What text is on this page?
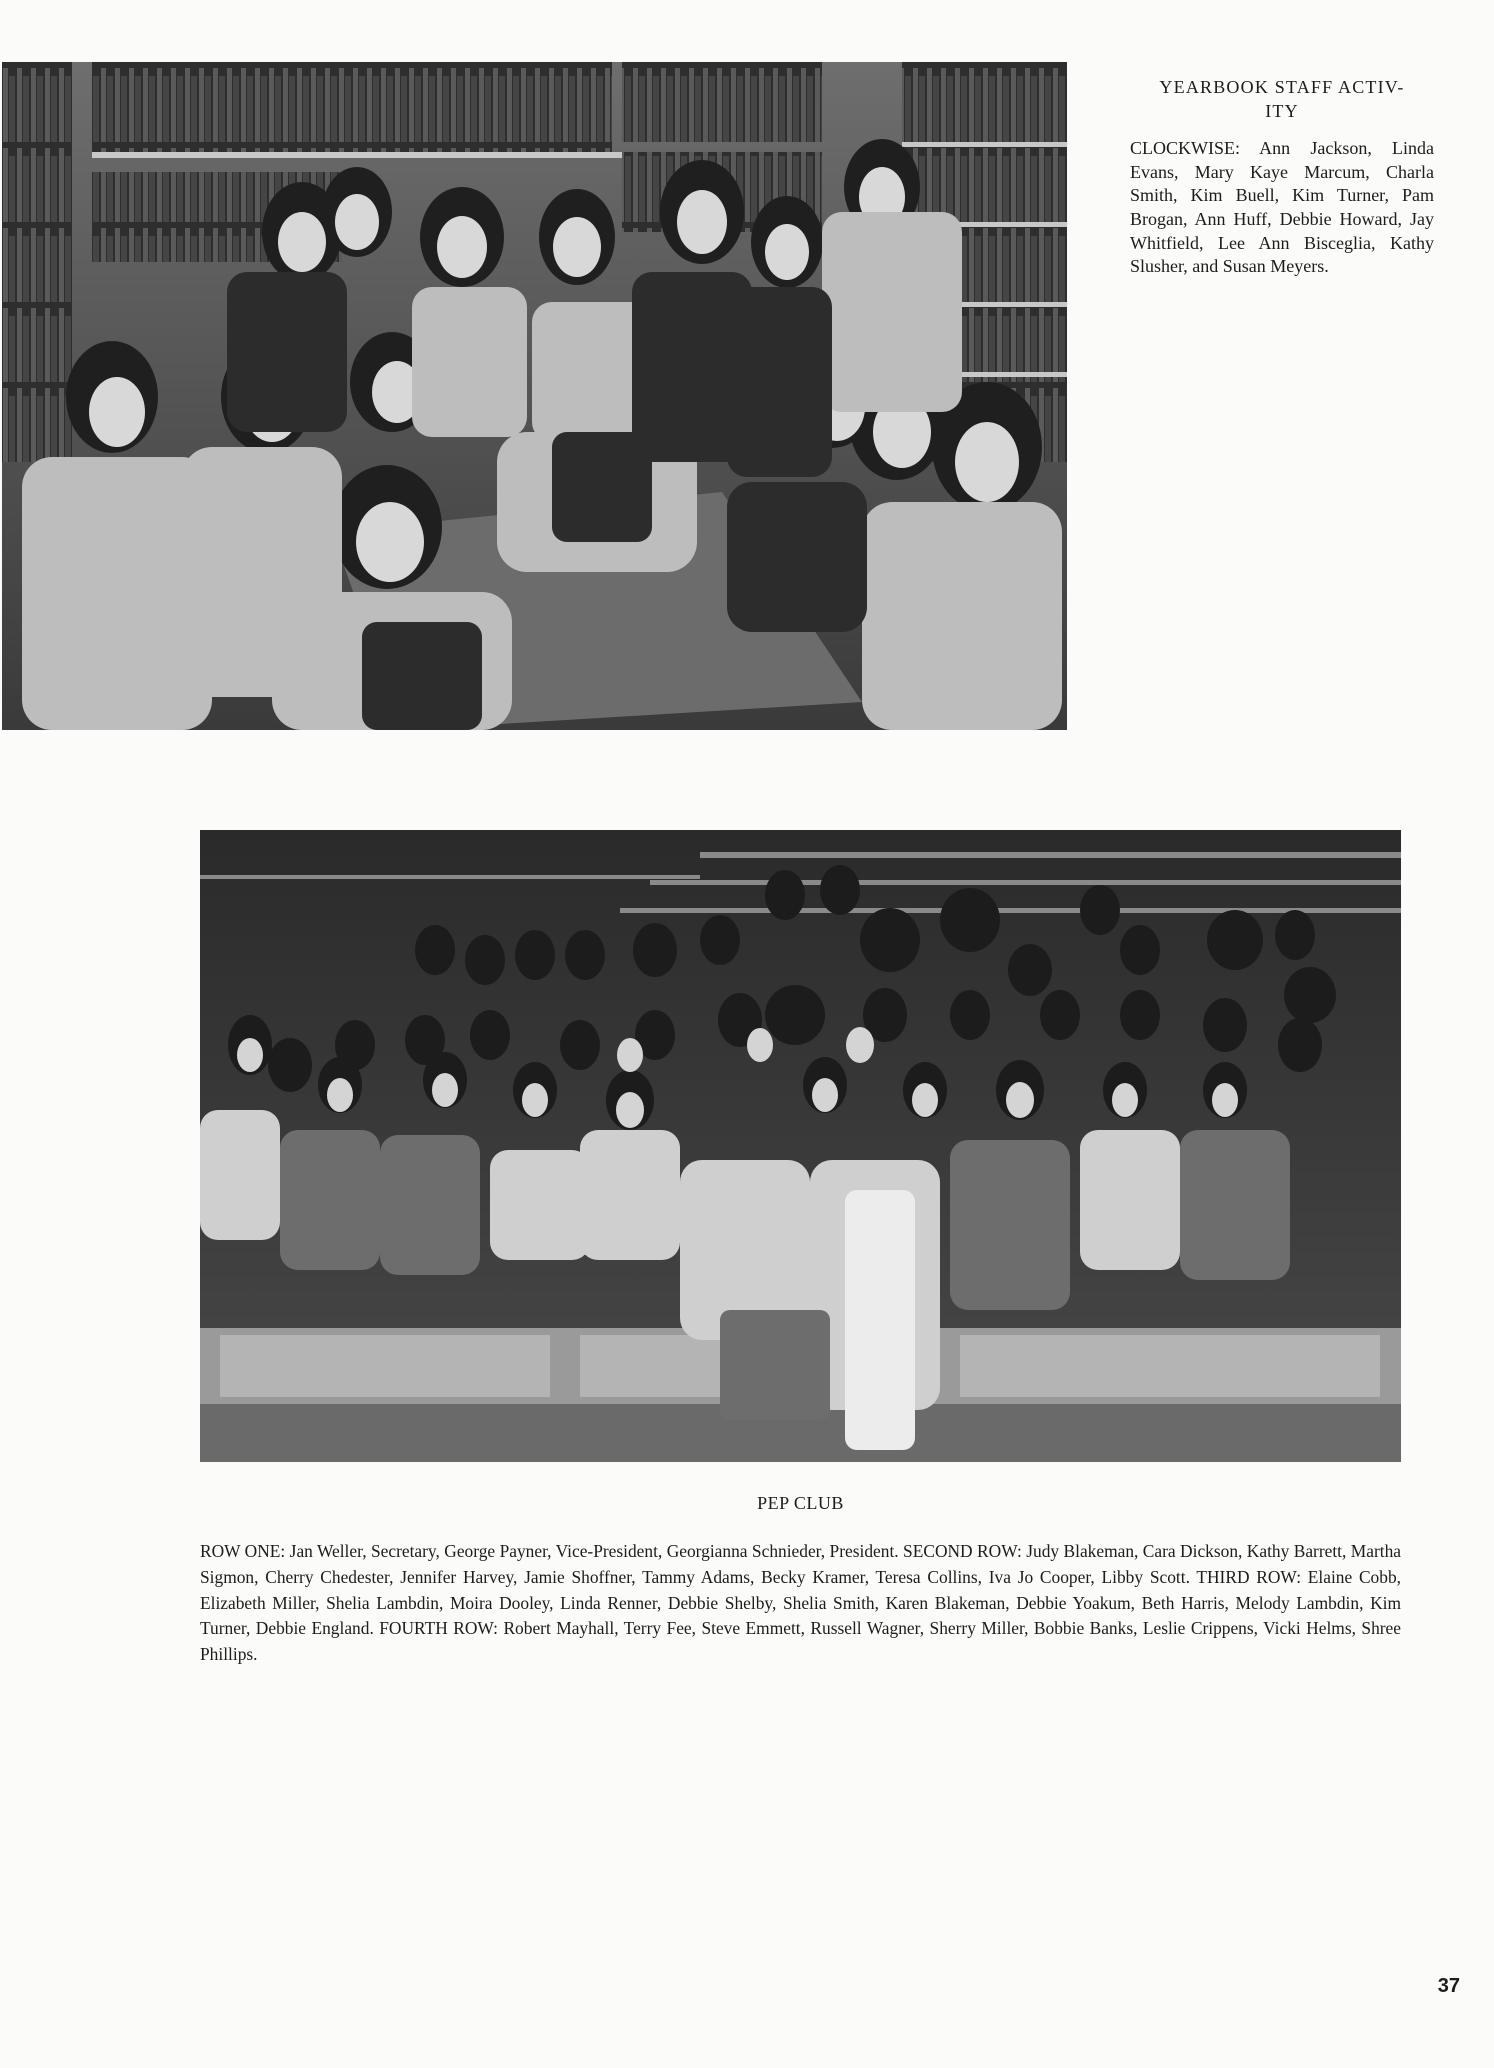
YEARBOOK STAFF ACTIV-
ITY
CLOCKWISE: Ann Jackson, Linda Evans, Mary Kaye Marcum, Charla Smith, Kim Buell, Kim Turner, Pam Brogan, Ann Huff, Debbie Howard, Jay Whitfield, Lee Ann Bisceglia, Kathy Slusher, and Susan Meyers.
PEP CLUB
ROW ONE: Jan Weller, Secretary, George Payner, Vice-President, Georgianna Schnieder, President. SECOND ROW: Judy Blakeman, Cara Dickson, Kathy Barrett, Martha Sigmon, Cherry Chedester, Jennifer Harvey, Jamie Shoffner, Tammy Adams, Becky Kramer, Teresa Collins, Iva Jo Cooper, Libby Scott. THIRD ROW: Elaine Cobb, Elizabeth Miller, Shelia Lambdin, Moira Dooley, Linda Renner, Debbie Shelby, Shelia Smith, Karen Blakeman, Debbie Yoakum, Beth Harris, Melody Lambdin, Kim Turner, Debbie England. FOURTH ROW: Robert Mayhall, Terry Fee, Steve Emmett, Russell Wagner, Sherry Miller, Bobbie Banks, Leslie Crippens, Vicki Helms, Shree Phillips.
37
